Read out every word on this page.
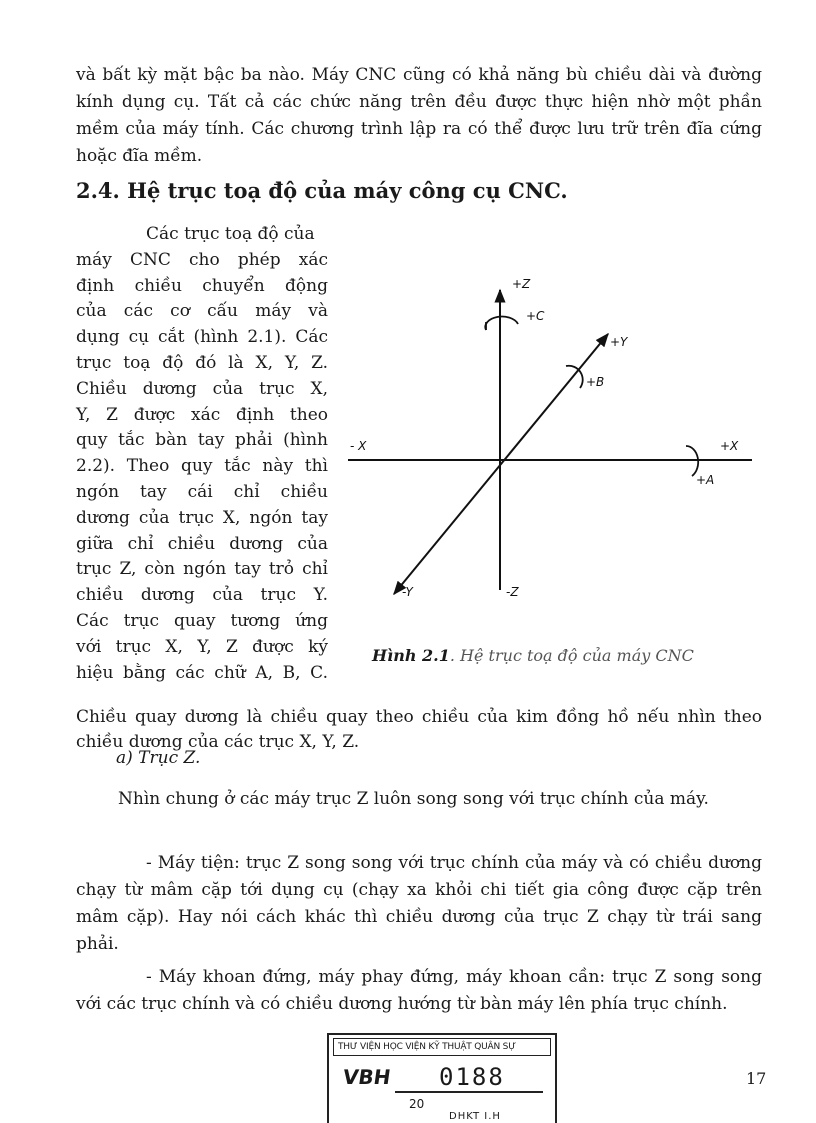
và bất kỳ mặt bậc ba nào. Máy CNC cũng có khả năng bù chiều dài và đường kính dụng cụ. Tất cả các chức năng trên đều được thực hiện nhờ một phần mềm của máy tính. Các chương trình lập ra có thể được lưu trữ trên đĩa cứng hoặc đĩa mềm.

2.4. Hệ trục toạ độ của máy công cụ CNC.
Các trục toạ độ của
máy CNC cho phép xác
định chiều chuyển động
của các cơ cấu máy và
dụng cụ cắt (hình 2.1). Các
trục toạ độ đó là X, Y, Z.
Chiều dương của trục X,
Y, Z được xác định theo
quy tắc bàn tay phải (hình
2.2). Theo quy tắc này thì
ngón tay cái chỉ chiều
dương của trục X, ngón tay
giữa chỉ chiều dương của
trục Z, còn ngón tay trỏ chỉ
chiều dương của trục Y.
Các trục quay tương ứng
với trục X, Y, Z được ký
hiệu bằng các chữ A, B, C.
+Z
+C
+Y
+B
- X	+X
+A
-Y	-Z
Hình 2.1. Hệ trục toạ độ của máy CNC

Chiều quay dương là chiều quay theo chiều của kim đồng hồ nếu nhìn theo chiều dương của các trục X, Y, Z.

a) Trục Z.

Nhìn chung ở các máy trục Z luôn song song với trục chính của máy.

- Máy tiện: trục Z song song với trục chính của máy và có chiều dương chạy từ mâm cặp tới dụng cụ (chạy xa khỏi chi tiết gia công được cặp trên mâm cặp). Hay nói cách khác thì chiều dương của trục Z chạy từ trái sang phải.

- Máy khoan đứng, máy phay đứng, máy khoan cần: trục Z song song với các trục chính và có chiều dương hướng từ bàn máy lên phía trục chính.

THƯ VIỆN HỌC VIỆN KỸ THUẬT QUÂN SỰ
VBH 0188
20
DHKT I.H
17
